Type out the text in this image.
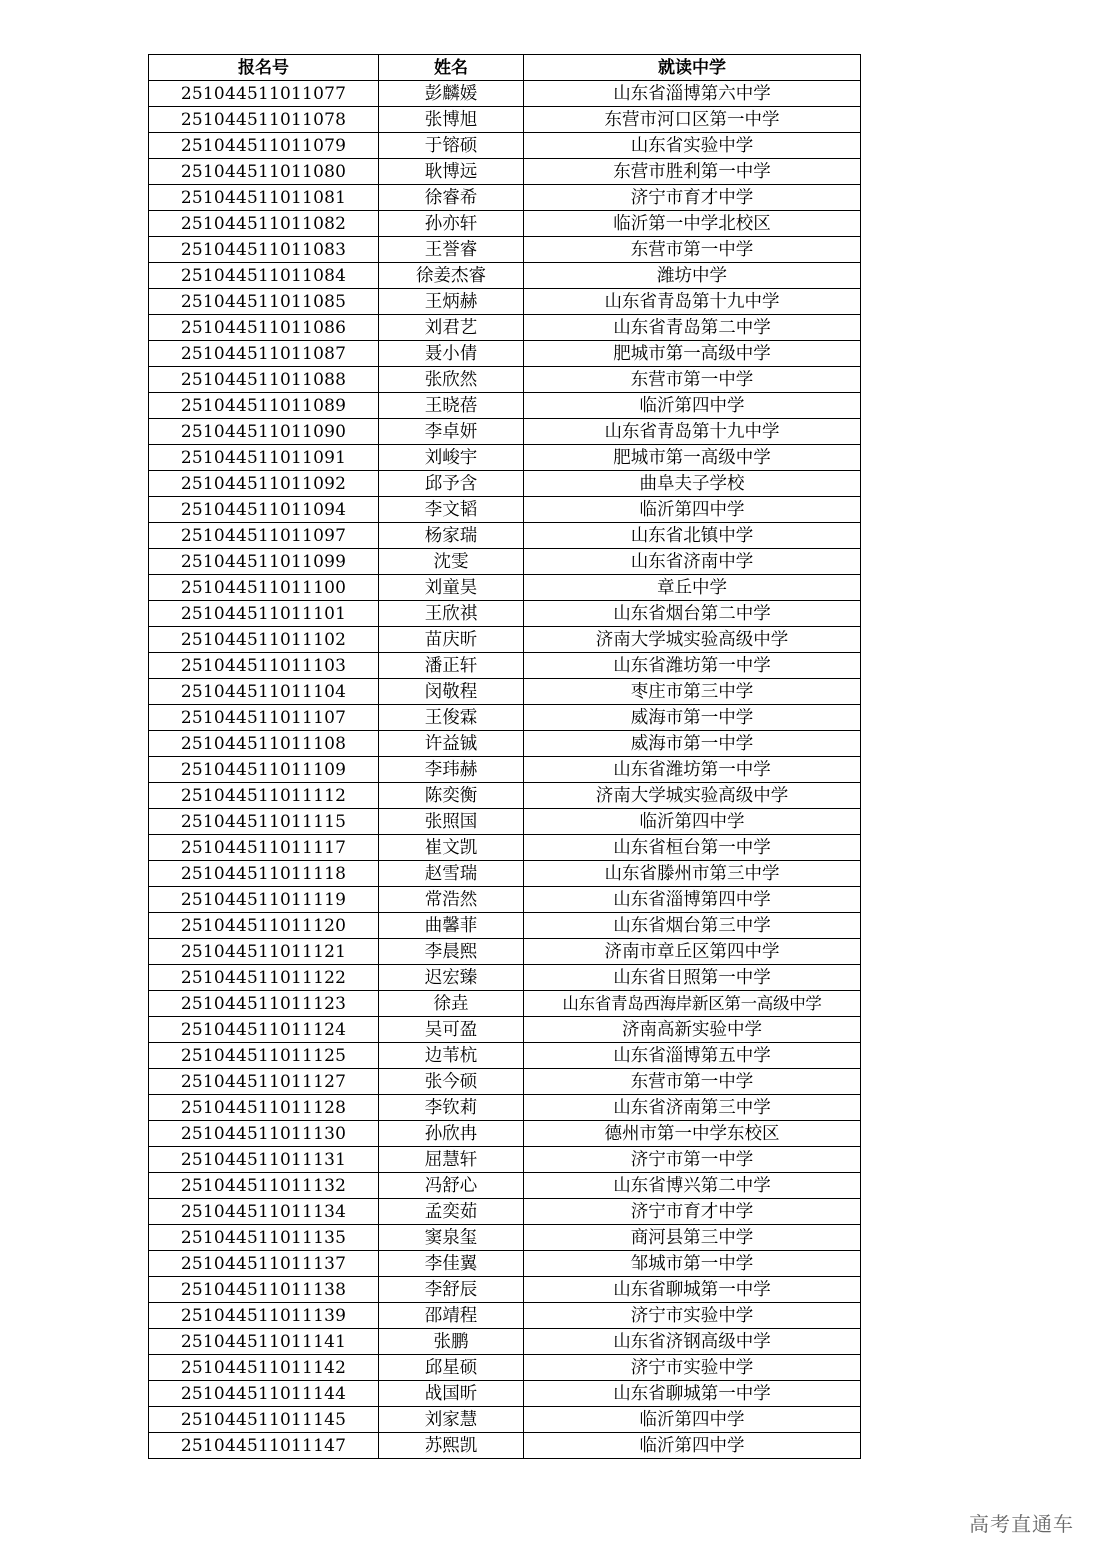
报名号	姓名	就读中学
251044511011077	彭麟媛	山东省淄博第六中学
251044511011078	张博旭	东营市河口区第一中学
251044511011079	于镕硕	山东省实验中学
251044511011080	耿博远	东营市胜利第一中学
251044511011081	徐睿希	济宁市育才中学
251044511011082	孙亦轩	临沂第一中学北校区
251044511011083	王誉睿	东营市第一中学
251044511011084	徐姜杰睿	潍坊中学
251044511011085	王炳赫	山东省青岛第十九中学
251044511011086	刘君艺	山东省青岛第二中学
251044511011087	聂小倩	肥城市第一高级中学
251044511011088	张欣然	东营市第一中学
251044511011089	王晓蓓	临沂第四中学
251044511011090	李卓妍	山东省青岛第十九中学
251044511011091	刘峻宇	肥城市第一高级中学
251044511011092	邱予含	曲阜夫子学校
251044511011094	李文韬	临沂第四中学
251044511011097	杨家瑞	山东省北镇中学
251044511011099	沈雯	山东省济南中学
251044511011100	刘童昊	章丘中学
251044511011101	王欣祺	山东省烟台第二中学
251044511011102	苗庆昕	济南大学城实验高级中学
251044511011103	潘正轩	山东省潍坊第一中学
251044511011104	闵敬程	枣庄市第三中学
251044511011107	王俊霖	威海市第一中学
251044511011108	许益铖	威海市第一中学
251044511011109	李玮赫	山东省潍坊第一中学
251044511011112	陈奕衡	济南大学城实验高级中学
251044511011115	张照国	临沂第四中学
251044511011117	崔文凯	山东省桓台第一中学
251044511011118	赵雪瑞	山东省滕州市第三中学
251044511011119	常浩然	山东省淄博第四中学
251044511011120	曲馨菲	山东省烟台第三中学
251044511011121	李晨熙	济南市章丘区第四中学
251044511011122	迟宏臻	山东省日照第一中学
251044511011123	徐垚	山东省青岛西海岸新区第一高级中学
251044511011124	吴可盈	济南高新实验中学
251044511011125	边苇杭	山东省淄博第五中学
251044511011127	张今硕	东营市第一中学
251044511011128	李钦莉	山东省济南第三中学
251044511011130	孙欣冉	德州市第一中学东校区
251044511011131	屈慧轩	济宁市第一中学
251044511011132	冯舒心	山东省博兴第二中学
251044511011134	孟奕茹	济宁市育才中学
251044511011135	窦泉玺	商河县第三中学
251044511011137	李佳翼	邹城市第一中学
251044511011138	李舒辰	山东省聊城第一中学
251044511011139	邵靖程	济宁市实验中学
251044511011141	张鹏	山东省济钢高级中学
251044511011142	邱星硕	济宁市实验中学
251044511011144	战国昕	山东省聊城第一中学
251044511011145	刘家慧	临沂第四中学
251044511011147	苏熙凯	临沂第四中学
高考直通车
